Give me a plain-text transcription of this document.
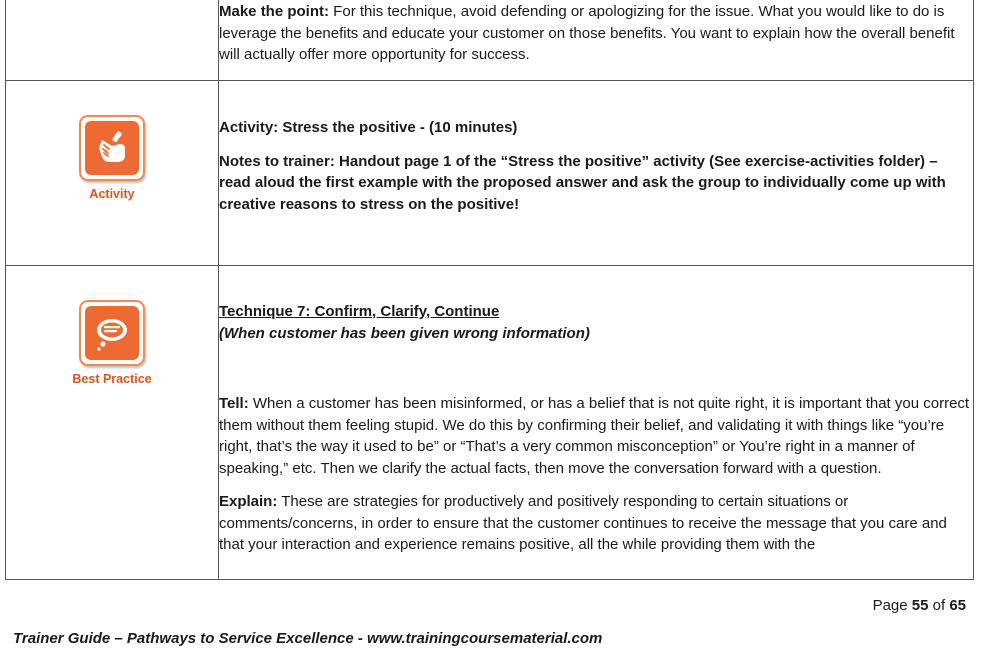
	Make the point: For this technique, avoid defending or apologizing for the issue. What you would like to do is leverage the benefits and educate your customer on those benefits. You want to explain how the overall benefit will actually offer more opportunity for success.

Activity	Activity: Stress the positive - (10 minutes)

Notes to trainer: Handout page 1 of the “Stress the positive” activity (See exercise-activities folder) – read aloud the first example with the proposed answer and ask the group to individually come up with creative reasons to stress on the positive!

Best Practice	Technique 7: Confirm, Clarify, Continue

(When customer has been given wrong information)

Tell: When a customer has been misinformed, or has a belief that is not quite right, it is important that you correct them without them feeling stupid. We do this by confirming their belief, and validating it with things like “you’re right, that’s the way it used to be” or “That’s a very common misconception” or You’re right in a manner of speaking,” etc. Then we clarify the actual facts, then move the conversation forward with a question.

Explain: These are strategies for productively and positively responding to certain situations or comments/concerns, in order to ensure that the customer continues to receive the message that you care and that your interaction and experience remains positive, all the while providing them with the

Page 55 of 65
Trainer Guide – Pathways to Service Excellence - www.trainingcoursematerial.com
